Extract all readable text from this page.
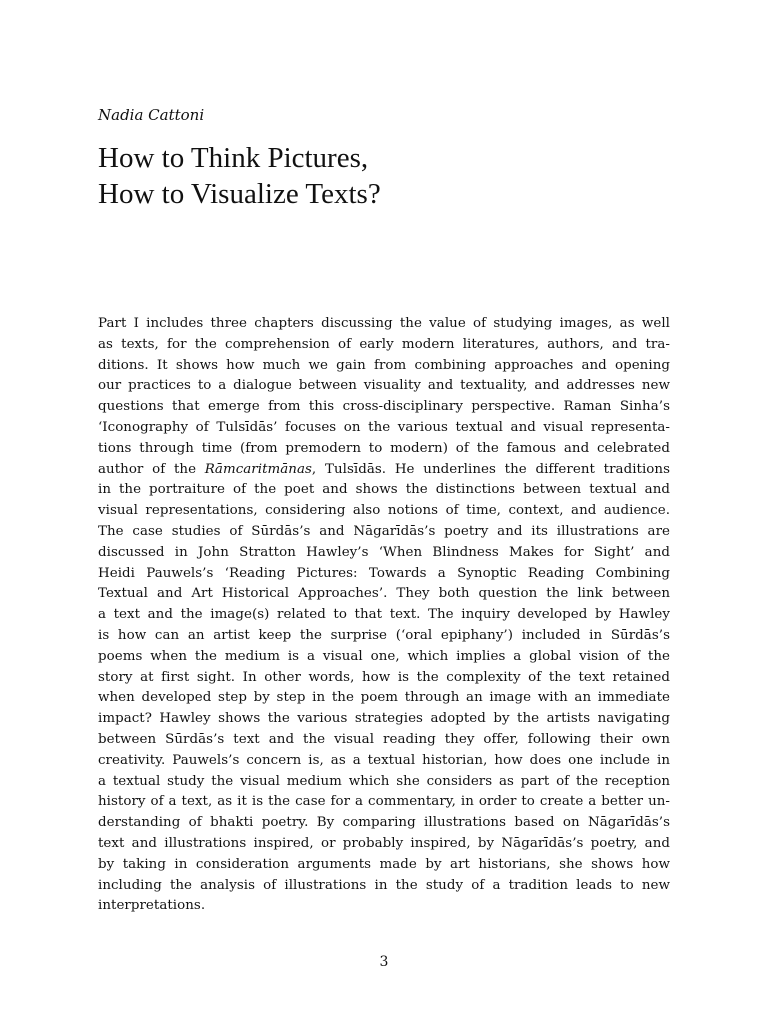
Nadia Cattoni
How to Think Pictures,
How to Visualize Texts?
Part I includes three chapters discussing the value of studying images, as well
as texts, for the comprehension of early modern literatures, authors, and tra-
ditions. It shows how much we gain from combining approaches and opening
our practices to a dialogue between visuality and textuality, and addresses new
questions that emerge from this cross-disciplinary perspective. Raman Sinha’s
‘Iconography of Tulsīdās’ focuses on the various textual and visual representa-
tions through time (from premodern to modern) of the famous and celebrated
author of the Rāmcaritmānas, Tulsīdās. He underlines the different traditions
in the portraiture of the poet and shows the distinctions between textual and
visual representations, considering also notions of time, context, and audience.
The case studies of Sūrdās’s and Nāgarīdās’s poetry and its illustrations are
discussed in John Stratton Hawley’s ‘When Blindness Makes for Sight’ and
Heidi Pauwels’s ‘Reading Pictures: Towards a Synoptic Reading Combining
Textual and Art Historical Approaches’. They both question the link between
a text and the image(s) related to that text. The inquiry developed by Hawley
is how can an artist keep the surprise (‘oral epiphany’) included in Sūrdās’s
poems when the medium is a visual one, which implies a global vision of the
story at first sight. In other words, how is the complexity of the text retained
when developed step by step in the poem through an image with an immediate
impact? Hawley shows the various strategies adopted by the artists navigating
between Sūrdās’s text and the visual reading they offer, following their own
creativity. Pauwels’s concern is, as a textual historian, how does one include in
a textual study the visual medium which she considers as part of the reception
history of a text, as it is the case for a commentary, in order to create a better un-
derstanding of bhakti poetry. By comparing illustrations based on Nāgarīdās’s
text and illustrations inspired, or probably inspired, by Nāgarīdās’s poetry, and
by taking in consideration arguments made by art historians, she shows how
including the analysis of illustrations in the study of a tradition leads to new
interpretations.
3
